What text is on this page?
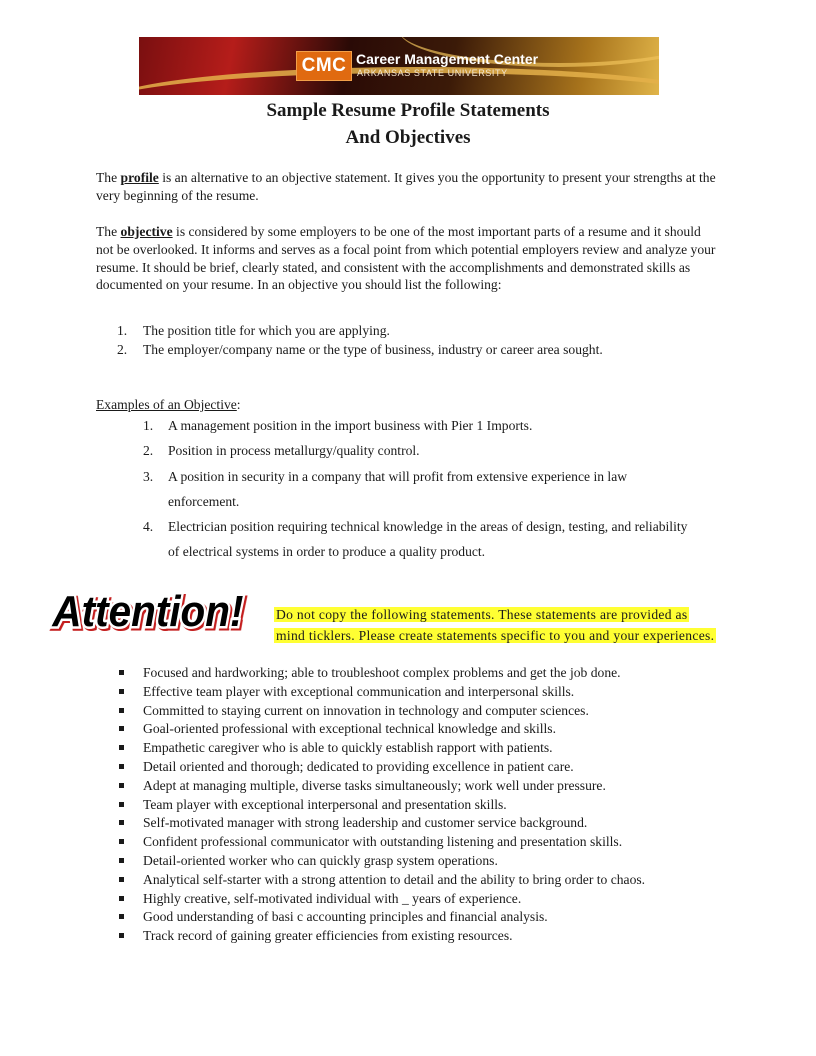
CMC Career Management Center
ARKANSAS STATE UNIVERSITY
Sample Resume Profile Statements
And Objectives
The profile is an alternative to an objective statement. It gives you the opportunity to present your strengths at the very beginning of the resume.
The objective is considered by some employers to be one of the most important parts of a resume and it should not be overlooked. It informs and serves as a focal point from which potential employers review and analyze your resume. It should be brief, clearly stated, and consistent with the accomplishments and demonstrated skills as documented on your resume. In an objective you should list the following:
1. The position title for which you are applying.
2. The employer/company name or the type of business, industry or career area sought.
Examples of an Objective:
1. A management position in the import business with Pier 1 Imports.
2. Position in process metallurgy/quality control.
3. A position in security in a company that will profit from extensive experience in law enforcement.
4. Electrician position requiring technical knowledge in the areas of design, testing, and reliability of electrical systems in order to produce a quality product.
Attention! Do not copy the following statements. These statements are provided as
mind ticklers. Please create statements specific to you and your experiences.
Focused and hardworking; able to troubleshoot complex problems and get the job done.
Effective team player with exceptional communication and interpersonal skills.
Committed to staying current on innovation in technology and computer sciences.
Goal-oriented professional with exceptional technical knowledge and skills.
Empathetic caregiver who is able to quickly establish rapport with patients.
Detail oriented and thorough; dedicated to providing excellence in patient care.
Adept at managing multiple, diverse tasks simultaneously; work well under pressure.
Team player with exceptional interpersonal and presentation skills.
Self-motivated manager with strong leadership and customer service background.
Confident professional communicator with outstanding listening and presentation skills.
Detail-oriented worker who can quickly grasp system operations.
Analytical self-starter with a strong attention to detail and the ability to bring order to chaos.
Highly creative, self-motivated individual with _ years of experience.
Good understanding of basi c accounting principles and financial analysis.
Track record of gaining greater efficiencies from existing resources.
